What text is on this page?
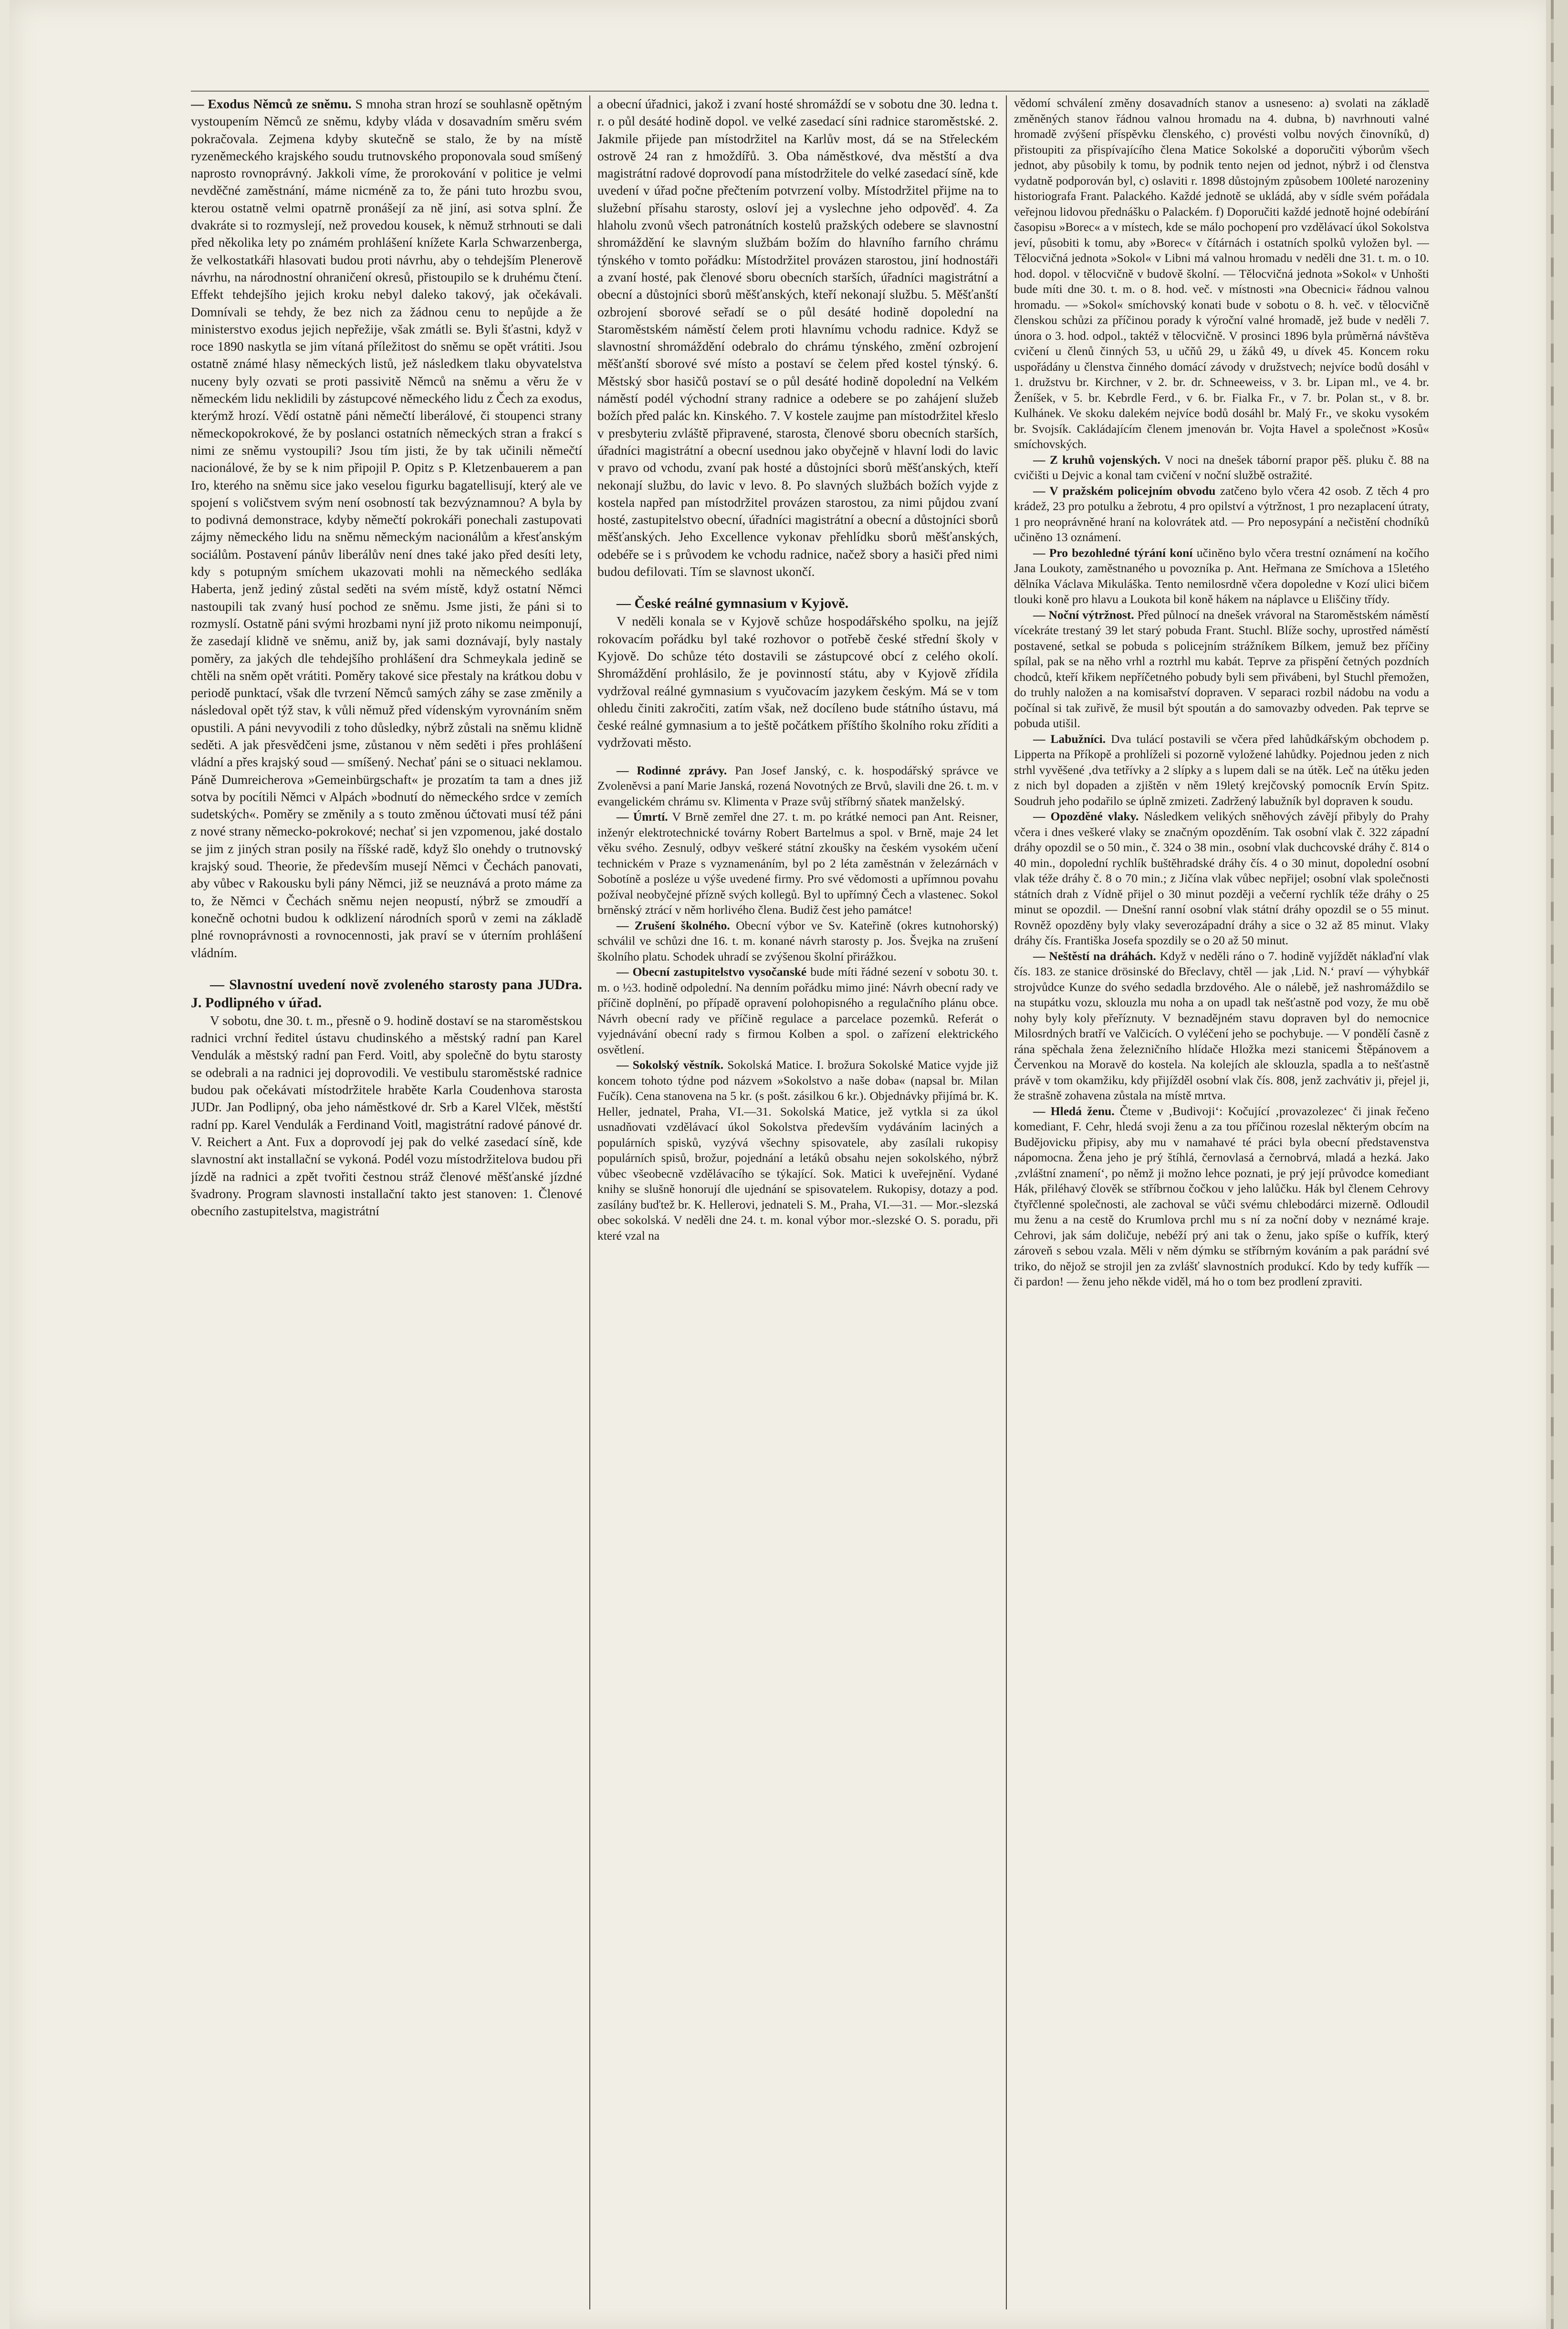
— Exodus Němců ze sněmu. S mnoha stran hrozí se souhlasně opětným vystoupením Němců ze sněmu, kdyby vláda v dosavadním směru svém pokračovala. Zejmena kdyby skutečně se stalo, že by na místě ryzeněmeckého krajského soudu trutnovského proponovala soud smíšený naprosto rovnoprávný. Jakkoli víme, že prorokování v politice je velmi nevděčné zaměstnání, máme nicméně za to, že páni tuto hrozbu svou, kterou ostatně velmi opatrně pronášejí za ně jiní, asi sotva splní. Že dvakráte si to rozmyslejí, než provedou kousek, k němuž strhnouti se dali před několika lety po známém prohlášení knížete Karla Schwarzenberga, že velkostatkáři hlasovati budou proti návrhu, aby o tehdejším Plenerově návrhu, na národnostní ohraničení okresů, přistoupilo se k druhému čtení. Effekt tehdejšího jejich kroku nebyl daleko takový, jak očekávali. Domnívali se tehdy, že bez nich za žádnou cenu to nepůjde a že ministerstvo exodus jejich nepřežije, však zmátli se. Byli šťastni, když v roce 1890 naskytla se jim vítaná příležitost do sněmu se opět vrátiti. Jsou ostatně známé hlasy německých listů, jež následkem tlaku obyvatelstva nuceny byly ozvati se proti passivitě Němců na sněmu a věru že v německém lidu neklidili by zástupcové německého lidu z Čech za exodus, kterýmž hrozí. Vědí ostatně páni němečtí liberálové, či stoupenci strany německopokrokové, že by poslanci ostatních německých stran a frakcí s nimi ze sněmu vystoupili? Jsou tím jisti, že by tak učinili němečtí nacionálové, že by se k nim připojil P. Opitz s P. Kletzenbauerem a pan Iro, kterého na sněmu sice jako veselou figurku bagatellisují, který ale ve spojení s voličstvem svým není osobností tak bezvýznamnou? A byla by to podivná demonstrace, kdyby němečtí pokrokáři ponechali zastupovati zájmy německého lidu na sněmu německým nacionálům a křesťanským sociálům. Postavení pánův liberálův není dnes také jako před desíti lety, kdy s potupným smíchem ukazovati mohli na německého sedláka Haberta, jenž jediný zůstal seděti na svém místě, když ostatní Němci nastoupili tak zvaný husí pochod ze sněmu. Jsme jisti, že páni si to rozmyslí. Ostatně páni svými hrozbami nyní již proto nikomu neimponují, že zasedají klidně ve sněmu, aniž by, jak sami doznávají, byly nastaly poměry, za jakých dle tehdejšího prohlášení dra Schmeykala jedině se chtěli na sněm opět vrátiti. Poměry takové sice přestaly na krátkou dobu v periodě punktací, však dle tvrzení Němců samých záhy se zase změnily a následoval opět týž stav, k vůli němuž před vídenským vyrovnáním sněm opustili. A páni nevyvodili z toho důsledky, nýbrž zůstali na sněmu klidně seděti. A jak přesvědčeni jsme, zůstanou v něm seděti i přes prohlášení vládní a přes krajský soud — smíšený. Nechať páni se o situaci neklamou. Páně Dumreicherova »Gemeinbürgschaft« je prozatím ta tam a dnes již sotva by pocítili Němci v Alpách »bodnutí do německého srdce v zemích sudetských«. Poměry se změnily a s touto změnou účtovati musí též páni z nové strany německo-pokrokové; nechať si jen vzpomenou, jaké dostalo se jim z jiných stran posily na říšské radě, když šlo onehdy o trutnovský krajský soud. Theorie, že především musejí Němci v Čechách panovati, aby vůbec v Rakousku byli pány Němci, již se neuznává a proto máme za to, že Němci v Čechách sněmu nejen neopustí, nýbrž se zmoudří a konečně ochotni budou k odklizení národních sporů v zemi na základě plné rovnoprávnosti a rovnocennosti, jak praví se v úterním prohlášení vládním.

— Slavnostní uvedení nově zvoleného starosty pana JUDra. J. Podlipného v úřad.

V sobotu, dne 30. t. m., přesně o 9. hodině dostaví se na staroměstskou radnici vrchní ředitel ústavu chudinského a městský radní pan Karel Vendulák a městský radní pan Ferd. Voitl, aby společně do bytu starosty se odebrali a na radnici jej doprovodili. Ve vestibulu staroměstské radnice budou pak očekávati místodržitele hraběte Karla Coudenhova starosta JUDr. Jan Podlipný, oba jeho náměstkové dr. Srb a Karel Vlček, městští radní pp. Karel Vendulák a Ferdinand Voitl, magistrátní radové pánové dr. V. Reichert a Ant. Fux a doprovodí jej pak do velké zasedací síně, kde slavnostní akt installační se vykoná. Podél vozu místodržitelova budou při jízdě na radnici a zpět tvořiti čestnou stráž členové měšťanské jízdné švadrony. Program slavnosti installační takto jest stanoven: 1. Členové obecního zastupitelstva, magistrátní

a obecní úřadnici, jakož i zvaní hosté shromáždí se v sobotu dne 30. ledna t. r. o půl desáté hodině dopol. ve velké zasedací síni radnice staroměstské. 2. Jakmile přijede pan místodržitel na Karlův most, dá se na Střeleckém ostrově 24 ran z hmoždířů. 3. Oba náměstkové, dva městští a dva magistrátní radové doprovodí pana místodržitele do velké zasedací síně, kde uvedení v úřad počne přečtením potvrzení volby. Místodržitel přijme na to služební přísahu starosty, osloví jej a vyslechne jeho odpověď. 4. Za hlaholu zvonů všech patronátních kostelů pražských odebere se slavnostní shromáždění ke slavným službám božím do hlavního farního chrámu týnského v tomto pořádku: Místodržitel provázen starostou, jiní hodnostáři a zvaní hosté, pak členové sboru obecních starších, úřadníci magistrátní a obecní a důstojníci sborů měšťanských, kteří nekonají službu. 5. Měšťanští ozbrojení sborové seřadí se o půl desáté hodině dopolední na Staroměstském náměstí čelem proti hlavnímu vchodu radnice. Když se slavnostní shromáždění odebralo do chrámu týnského, změní ozbrojení měšťanští sborové své místo a postaví se čelem před kostel týnský. 6. Městský sbor hasičů postaví se o půl desáté hodině dopolední na Velkém náměstí podél východní strany radnice a odebere se po zahájení služeb božích před palác kn. Kinského. 7. V kostele zaujme pan místodržitel křeslo v presbyteriu zvláště připravené, starosta, členové sboru obecních starších, úřadníci magistrátní a obecní usednou jako obyčejně v hlavní lodi do lavic v pravo od vchodu, zvaní pak hosté a důstojníci sborů měšťanských, kteří nekonají službu, do lavic v levo. 8. Po slavných službách božích vyjde z kostela napřed pan místodržitel provázen starostou, za nimi půjdou zvaní hosté, zastupitelstvo obecní, úřadníci magistrátní a obecní a důstojníci sborů měšťanských. Jeho Excellence vykonav přehlídku sborů měšťanských, odebéře se i s průvodem ke vchodu radnice, načež sbory a hasiči před nimi budou defilovati. Tím se slavnost ukončí.

— České reálné gymnasium v Kyjově.

V neděli konala se v Kyjově schůze hospodářského spolku, na jejíž rokovacím pořádku byl také rozhovor o potřebě české střední školy v Kyjově. Do schůze této dostavili se zástupcové obcí z celého okolí. Shromáždění prohlásilo, že je povinností státu, aby v Kyjově zřídila vydržoval reálné gymnasium s vyučovacím jazykem českým. Má se v tom ohledu činiti zakročiti, zatím však, než docíleno bude státního ústavu, má české reálné gymnasium a to ještě počátkem příštího školního roku zříditi a vydržovati město.

— Rodinné zprávy. Pan Josef Janský, c. k. hospodářský správce ve Zvoleněvsi a paní Marie Janská, rozená Novotných ze Brvů, slavili dne 26. t. m. v evangelickém chrámu sv. Klimenta v Praze svůj stříbrný sňatek manželský.

— Úmrtí. V Brně zemřel dne 27. t. m. po krátké nemoci pan Ant. Reisner, inženýr elektrotechnické továrny Robert Bartelmus a spol. v Brně, maje 24 let věku svého. Zesnulý, odbyv veškeré státní zkoušky na českém vysokém učení technickém v Praze s vyznamenáním, byl po 2 léta zaměstnán v železárnách v Sobotíně a posléze u výše uvedené firmy. Pro své vědomosti a upřímnou povahu požíval neobyčejné přízně svých kollegů. Byl to upřímný Čech a vlastenec. Sokol brněnský ztrácí v něm horlivého člena. Budiž čest jeho památce!

— Zrušení školného. Obecní výbor ve Sv. Kateřině (okres kutnohorský) schválil ve schůzi dne 16. t. m. konané návrh starosty p. Jos. Švejka na zrušení školního platu. Schodek uhradí se zvýšenou školní přirážkou.

— Obecní zastupitelstvo vysočanské bude míti řádné sezení v sobotu 30. t. m. o ½3. hodině odpolední. Na denním pořádku mimo jiné: Návrh obecní rady ve příčině doplnění, po případě opravení polohopisného a regulačního plánu obce. Návrh obecní rady ve příčině regulace a parcelace pozemků. Referát o vyjednávání obecní rady s firmou Kolben a spol. o zařízení elektrického osvětlení.

— Sokolský věstník. Sokolská Matice. I. brožura Sokolské Matice vyjde již koncem tohoto týdne pod názvem »Sokolstvo a naše doba« (napsal br. Milan Fučík). Cena stanovena na 5 kr. (s pošt. zásilkou 6 kr.). Objednávky přijímá br. K. Heller, jednatel, Praha, VI.—31. Sokolská Matice, jež vytkla si za úkol usnadňovati vzdělávací úkol Sokolstva především vydáváním laciných a populárních spisků, vyzývá všechny spisovatele, aby zasílali rukopisy populárních spisů, brožur, pojednání a letáků obsahu nejen sokolského, nýbrž vůbec všeobecně vzdělávacího se týkající. Sok. Matici k uveřejnění. Vydané knihy se slušně honorují dle ujednání se spisovatelem. Rukopisy, dotazy a pod. zasílány buďtež br. K. Hellerovi, jednateli S. M., Praha, VI.—31. — Mor.-slezská obec sokolská. V neděli dne 24. t. m. konal výbor mor.-slezské O. S. poradu, při které vzal na

vědomí schválení změny dosavadních stanov a usneseno: a) svolati na základě změněných stanov řádnou valnou hromadu na 4. dubna, b) navrhnouti valné hromadě zvýšení příspěvku členského, c) provésti volbu nových činovníků, d) přistoupiti za přispívajícího člena Matice Sokolské a doporučiti výborům všech jednot, aby působily k tomu, by podnik tento nejen od jednot, nýbrž i od členstva vydatně podporován byl, c) oslaviti r. 1898 důstojným způsobem 100leté narozeniny historiografa Frant. Palackého. Každé jednotě se ukládá, aby v sídle svém pořádala veřejnou lidovou přednášku o Palackém. f) Doporučiti každé jednotě hojné odebírání časopisu »Borec« a v místech, kde se málo pochopení pro vzdělávací úkol Sokolstva jeví, působiti k tomu, aby »Borec« v čítárnách i ostatních spolků vyložen byl. — Tělocvičná jednota »Sokol« v Libni má valnou hromadu v neděli dne 31. t. m. o 10. hod. dopol. v tělocvičně v budově školní. — Tělocvičná jednota »Sokol« v Unhošti bude míti dne 30. t. m. o 8. hod. več. v místnosti »na Obecnici« řádnou valnou hromadu. — »Sokol« smíchovský konati bude v sobotu o 8. h. več. v tělocvičně členskou schůzi za příčinou porady k výroční valné hromadě, jež bude v neděli 7. února o 3. hod. odpol., taktéž v tělocvičně. V prosinci 1896 byla průměrná návštěva cvičení u členů činných 53, u učňů 29, u žáků 49, u dívek 45. Koncem roku uspořádány u členstva činného domácí závody v družstvech; nejvíce bodů dosáhl v 1. družstvu br. Kirchner, v 2. br. dr. Schneeweiss, v 3. br. Lipan ml., ve 4. br. Ženíšek, v 5. br. Kebrdle Ferd., v 6. br. Fialka Fr., v 7. br. Polan st., v 8. br. Kulhánek. Ve skoku dalekém nejvíce bodů dosáhl br. Malý Fr., ve skoku vysokém br. Svojsík. Cakládajícím členem jmenován br. Vojta Havel a společnost »Kosů« smíchovských.

— Z kruhů vojenských. V noci na dnešek táborní prapor pěš. pluku č. 88 na cvičišti u Dejvic a konal tam cvičení v noční službě ostražité.

— V pražském policejním obvodu zatčeno bylo včera 42 osob. Z těch 4 pro krádež, 23 pro potulku a žebrotu, 4 pro opilství a výtržnost, 1 pro nezaplacení útraty, 1 pro neoprávněné hraní na kolovrátek atd. — Pro neposypání a nečistění chodníků učiněno 13 oznámení.

— Pro bezohledné týrání koní učiněno bylo včera trestní oznámení na kočího Jana Loukoty, zaměstnaného u povozníka p. Ant. Heřmana ze Smíchova a 15letého dělníka Václava Mikuláška. Tento nemilosrdně včera dopoledne v Kozí ulici bičem tlouki koně pro hlavu a Loukota bil koně hákem na náplavce u Eliščiny třídy.

— Noční výtržnost. Před půlnocí na dnešek vrávoral na Staroměstském náměstí vícekráte trestaný 39 let starý pobuda Frant. Stuchl. Blíže sochy, uprostřed náměstí postavené, setkal se pobuda s policejním strážníkem Bílkem, jemuž bez příčiny spílal, pak se na něho vrhl a roztrhl mu kabát. Teprve za přispění četných pozdních chodců, kteří křikem nepříčetného pobudy byli sem přivábeni, byl Stuchl přemožen, do truhly naložen a na komisařství dopraven. V separaci rozbil nádobu na vodu a počínal si tak zuřivě, že musil být spoután a do samovazby odveden. Pak teprve se pobuda utišil.

— Labužníci. Dva tulácí postavili se včera před lahůdkářským obchodem p. Lipperta na Příkopě a prohlíželi si pozorně vyložené lahůdky. Pojednou jeden z nich strhl vyvěšené ‚dva tetřívky a 2 slípky a s lupem dali se na útěk. Leč na útěku jeden z nich byl dopaden a zjištěn v něm 19letý krejčovský pomocník Ervín Spitz. Soudruh jeho podařilo se úplně zmizeti. Zadržený labužník byl dopraven k soudu.

— Opozděné vlaky. Následkem velikých sněhových závějí přibyly do Prahy včera i dnes veškeré vlaky se značným opozděním. Tak osobní vlak č. 322 západní dráhy opozdil se o 50 min., č. 324 o 38 min., osobní vlak duchcovské dráhy č. 814 o 40 min., dopolední rychlík buštěhradské dráhy čís. 4 o 30 minut, dopolední osobní vlak téže dráhy č. 8 o 70 min.; z Jičína vlak vůbec nepřijel; osobní vlak společnosti státních drah z Vídně přijel o 30 minut později a večerní rychlík téže dráhy o 25 minut se opozdil. — Dnešní ranní osobní vlak státní dráhy opozdil se o 55 minut. Rovněž opozděny byly vlaky severozápadní dráhy a sice o 32 až 85 minut. Vlaky dráhy čís. Františka Josefa spozdily se o 20 až 50 minut.

— Neštěstí na dráhách. Když v neděli ráno o 7. hodině vyjíždět náklaďní vlak čís. 183. ze stanice drösinské do Břeclavy, chtěl — jak ‚Lid. N.‘ praví — výhybkář strojvůdce Kunze do svého sedadla brzdového. Ale o nálebě, jež nashromáždilo se na stupátku vozu, sklouzla mu noha a on upadl tak nešťastně pod vozy, že mu obě nohy byly koly přeříznuty. V beznadějném stavu dopraven byl do nemocnice Milosrdných bratří ve Valčicích. O vyléčení jeho se pochybuje. — V pondělí časně z rána spěchala žena železničního hlídače Hložka mezi stanicemi Štěpánovem a Červenkou na Moravě do kostela. Na kolejích ale sklouzla, spadla a to nešťastně právě v tom okamžiku, kdy přijížděl osobní vlak čís. 808, jenž zachvátiv ji, přejel ji, že strašně zohavena zůstala na místě mrtva.

— Hledá ženu. Čteme v ‚Budivoji‘: Kočující ‚provazolezec‘ či jinak řečeno komediant, F. Cehr, hledá svoji ženu a za tou příčinou rozeslal některým obcím na Budějovicku připisy, aby mu v namahavé té práci byla obecní představenstva nápomocna. Žena jeho je prý štíhlá, černovlasá a černobrvá, mladá a hezká. Jako ‚zvláštní znamení‘, po němž ji možno lehce poznati, je prý její průvodce komediant Hák, přiléhavý člověk se stříbrnou čočkou v jeho lalůčku. Hák byl členem Cehrovy čtyřčlenné společnosti, ale zachoval se vůči svému chlebodárci mizerně. Odloudil mu ženu a na cestě do Krumlova prchl mu s ní za noční doby v neznámé kraje. Cehrovi, jak sám doličuje, nebéží prý ani tak o ženu, jako spíše o kufřík, který zároveň s sebou vzala. Měli v něm dýmku se stříbrným kováním a pak parádní své triko, do nějož se strojil jen za zvlášť slavnostních produkcí. Kdo by tedy kufřík — či pardon! — ženu jeho někde viděl, má ho o tom bez prodlení zpraviti.
